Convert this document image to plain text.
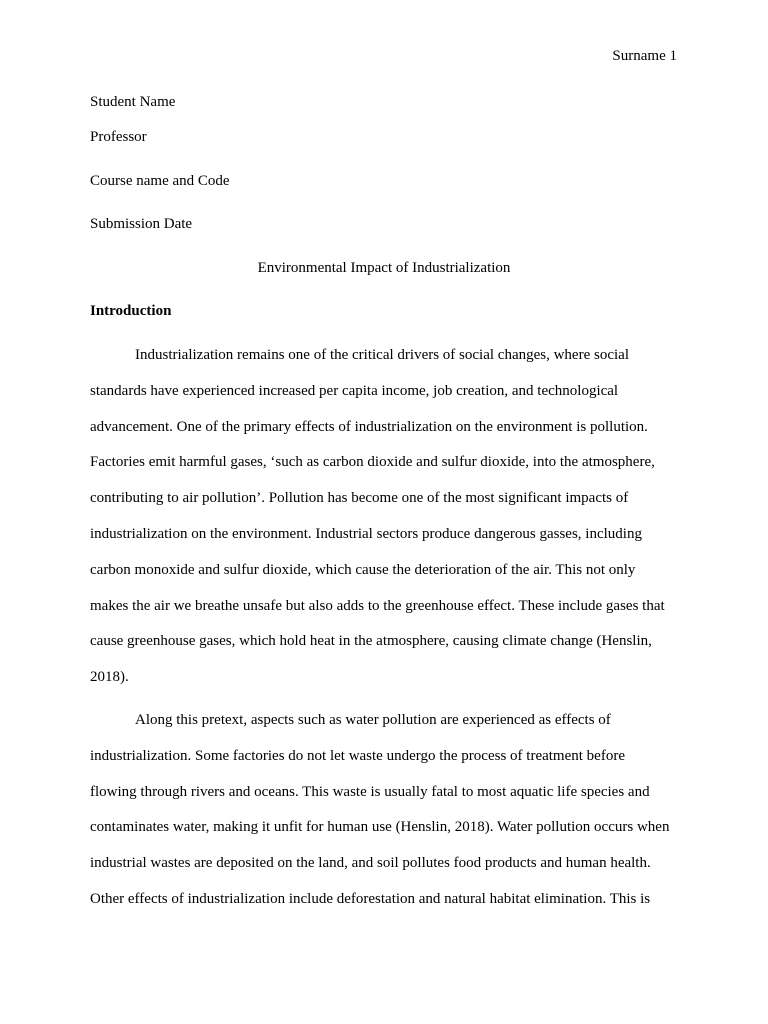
Surname 1
Student Name
Professor
Course name and Code
Submission Date
Environmental Impact of Industrialization
Introduction
Industrialization remains one of the critical drivers of social changes, where social
standards have experienced increased per capita income, job creation, and technological
advancement. One of the primary effects of industrialization on the environment is pollution.
Factories emit harmful gases, ‘such as carbon dioxide and sulfur dioxide, into the atmosphere,
contributing to air pollution’. Pollution has become one of the most significant impacts of
industrialization on the environment. Industrial sectors produce dangerous gasses, including
carbon monoxide and sulfur dioxide, which cause the deterioration of the air. This not only
makes the air we breathe unsafe but also adds to the greenhouse effect. These include gases that
cause greenhouse gases, which hold heat in the atmosphere, causing climate change (Henslin,
2018).
Along this pretext, aspects such as water pollution are experienced as effects of
industrialization. Some factories do not let waste undergo the process of treatment before
flowing through rivers and oceans. This waste is usually fatal to most aquatic life species and
contaminates water, making it unfit for human use (Henslin, 2018). Water pollution occurs when
industrial wastes are deposited on the land, and soil pollutes food products and human health.
Other effects of industrialization include deforestation and natural habitat elimination. This is
